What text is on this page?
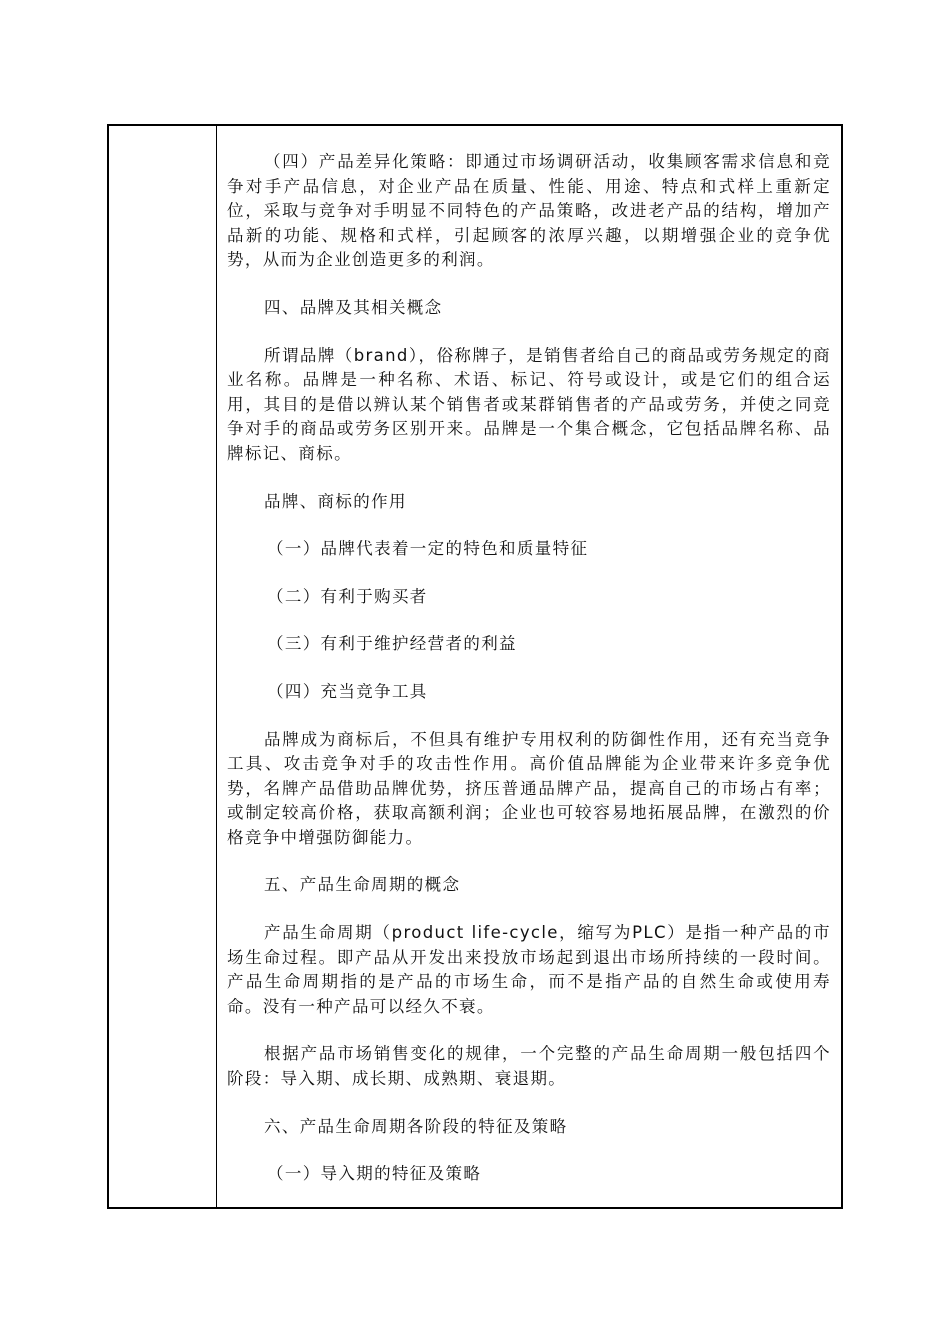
（四）产品差异化策略：即通过市场调研活动，收集顾客需求信息和竞争对手产品信息，对企业产品在质量、性能、用途、特点和式样上重新定位，采取与竞争对手明显不同特色的产品策略，改进老产品的结构，增加产品新的功能、规格和式样，引起顾客的浓厚兴趣，以期增强企业的竞争优势，从而为企业创造更多的利润。

四、品牌及其相关概念

所谓品牌（brand），俗称牌子，是销售者给自己的商品或劳务规定的商业名称。品牌是一种名称、术语、标记、符号或设计，或是它们的组合运用，其目的是借以辨认某个销售者或某群销售者的产品或劳务，并使之同竞争对手的商品或劳务区别开来。品牌是一个集合概念，它包括品牌名称、品牌标记、商标。

品牌、商标的作用

（一）品牌代表着一定的特色和质量特征

（二）有利于购买者

（三）有利于维护经营者的利益

（四）充当竞争工具

品牌成为商标后，不但具有维护专用权利的防御性作用，还有充当竞争工具、攻击竞争对手的攻击性作用。高价值品牌能为企业带来许多竞争优势，名牌产品借助品牌优势，挤压普通品牌产品，提高自己的市场占有率；或制定较高价格，获取高额利润；企业也可较容易地拓展品牌，在激烈的价格竞争中增强防御能力。

五、产品生命周期的概念

产品生命周期（product life-cycle，缩写为PLC）是指一种产品的市场生命过程。即产品从开发出来投放市场起到退出市场所持续的一段时间。产品生命周期指的是产品的市场生命，而不是指产品的自然生命或使用寿命。没有一种产品可以经久不衰。

根据产品市场销售变化的规律，一个完整的产品生命周期一般包括四个阶段：导入期、成长期、成熟期、衰退期。

六、产品生命周期各阶段的特征及策略

（一）导入期的特征及策略
